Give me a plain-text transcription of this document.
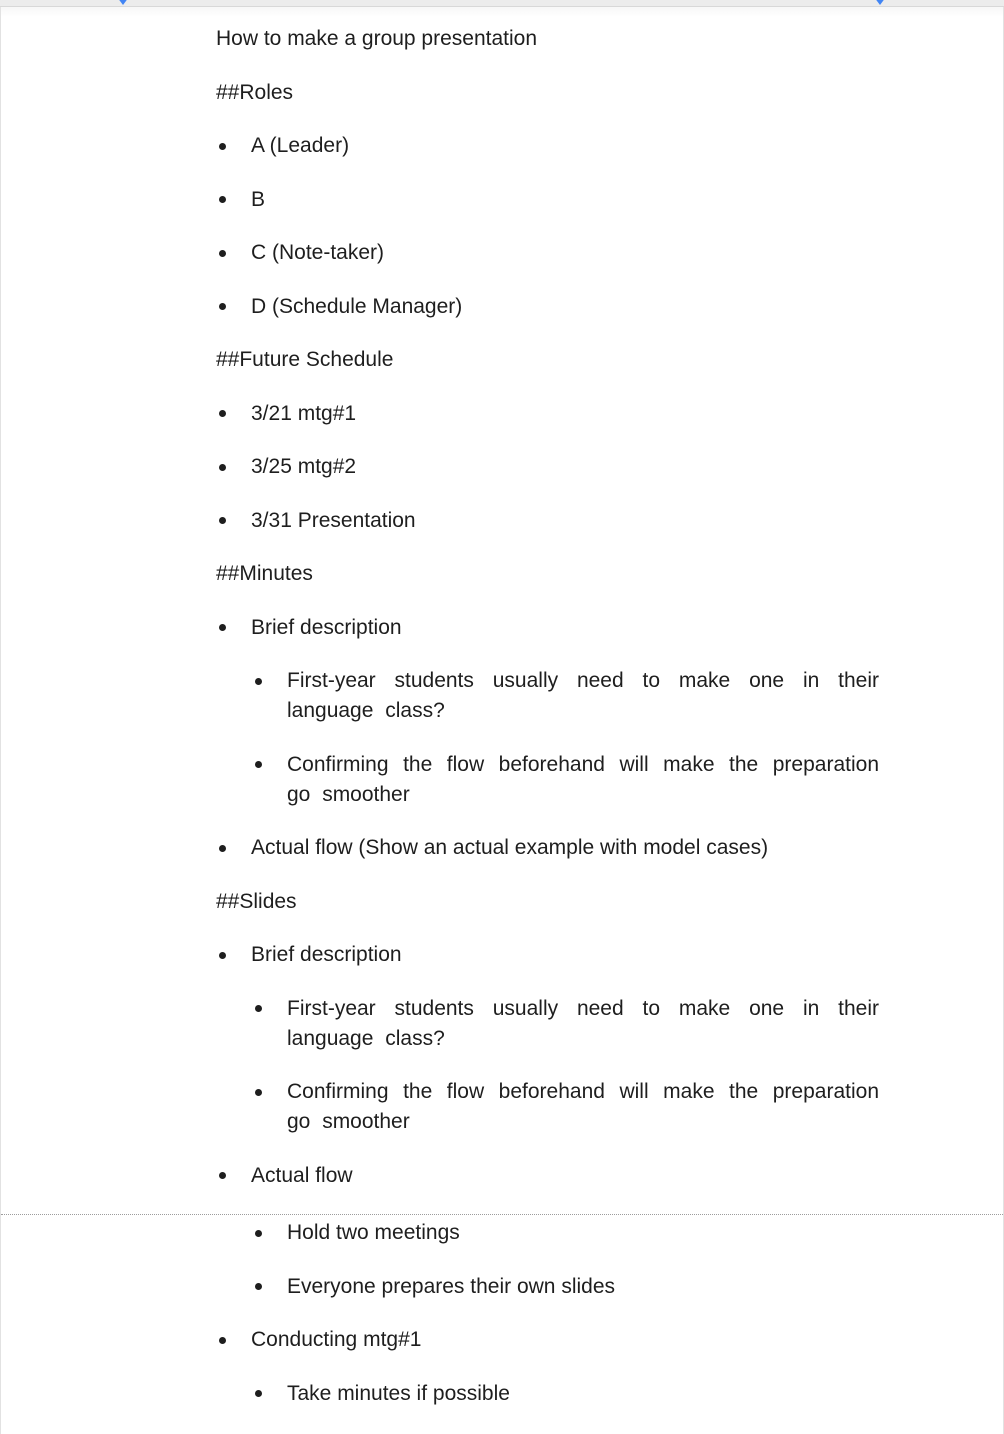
How to make a group presentation
##Roles
A (Leader)
B
C (Note-taker)
D (Schedule Manager)
##Future Schedule
3/21 mtg#1
3/25 mtg#2
3/31 Presentation
##Minutes
Brief description
First-year students usually need to make one in their language class?
Confirming the flow beforehand will make the preparation go smoother
Actual flow (Show an actual example with model cases)
##Slides
Brief description
First-year students usually need to make one in their language class?
Confirming the flow beforehand will make the preparation go smoother
Actual flow
Hold two meetings
Everyone prepares their own slides
Conducting mtg#1
Take minutes if possible
